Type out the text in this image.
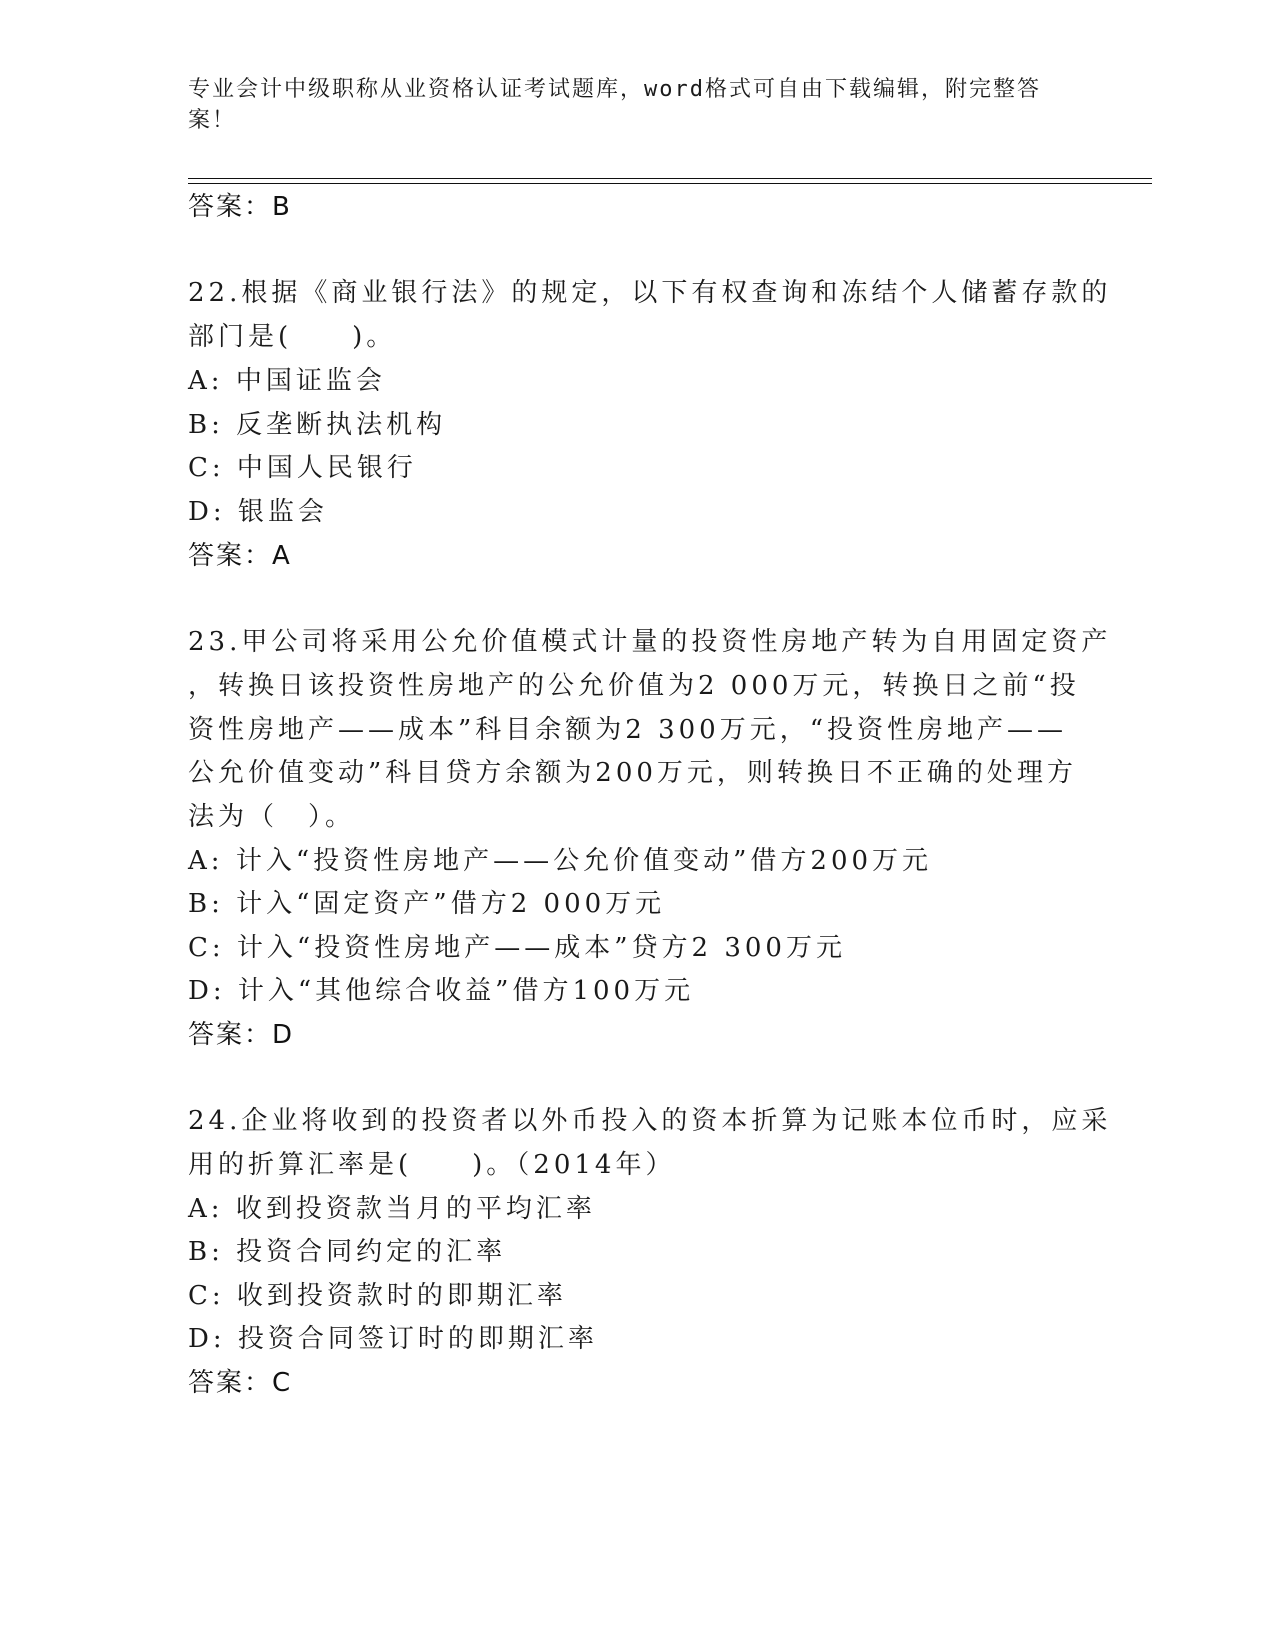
专业会计中级职称从业资格认证考试题库，word格式可自由下载编辑，附完整答案！
答案：B
22.根据《商业银行法》的规定，以下有权查询和冻结个人储蓄存款的
部门是(　　)。
A: 中国证监会
B: 反垄断执法机构
C: 中国人民银行
D: 银监会
答案：A
23.甲公司将采用公允价值模式计量的投资性房地产转为自用固定资产
，转换日该投资性房地产的公允价值为2 000万元，转换日之前“投
资性房地产——成本”科目余额为2 300万元，“投资性房地产——
公允价值变动”科目贷方余额为200万元，则转换日不正确的处理方
法为（　）。
A: 计入“投资性房地产——公允价值变动”借方200万元
B: 计入“固定资产”借方2 000万元
C: 计入“投资性房地产——成本”贷方2 300万元
D: 计入“其他综合收益”借方100万元
答案：D
24.企业将收到的投资者以外币投入的资本折算为记账本位币时，应采
用的折算汇率是(　　)。（2014年）
A: 收到投资款当月的平均汇率
B: 投资合同约定的汇率
C: 收到投资款时的即期汇率
D: 投资合同签订时的即期汇率
答案：C
